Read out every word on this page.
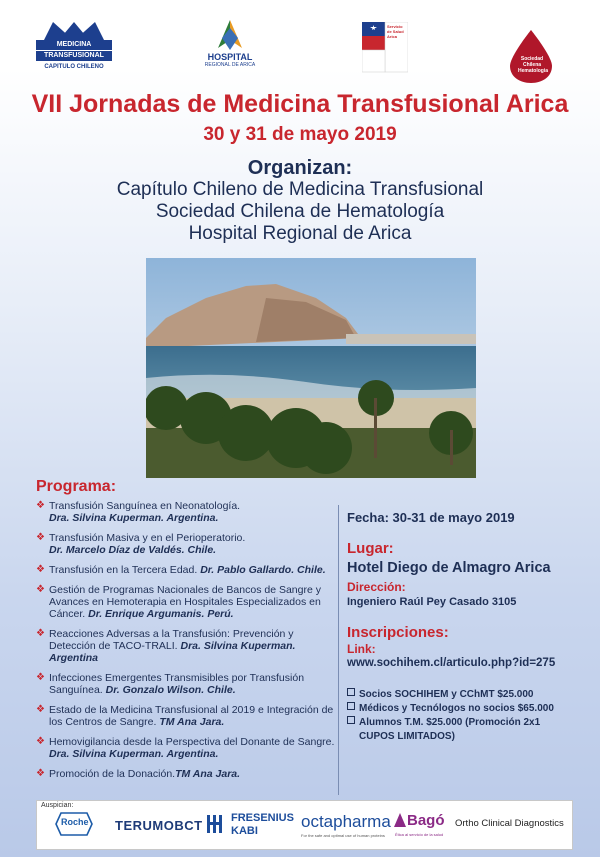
MEDICINA
TRANSFUSIONAL
CAPITULO CHILENO
HOSPITAL
REGIONAL DE ARICA
Servicio de Salud Arica
Sociedad Chilena Hematologia
VII Jornadas de Medicina Transfusional Arica
30 y 31 de mayo 2019
Organizan:
Capítulo Chileno de Medicina Transfusional
Sociedad Chilena de Hematología
Hospital Regional de Arica
Programa:
❖ Transfusión Sanguínea en Neonatología.
Dra. Silvina Kuperman. Argentina.
❖ Transfusión Masiva y en el Perioperatorio.
Dr. Marcelo Díaz de Valdés. Chile.
❖ Transfusión en la Tercera Edad. Dr. Pablo Gallardo. Chile.
❖ Gestión de Programas Nacionales de Bancos de Sangre y Avances en Hemoterapia en Hospitales Especializados en Cáncer. Dr. Enrique Argumanis. Perú.
❖ Reacciones Adversas a la Transfusión: Prevención y Detección de TACO-TRALI. Dra. Silvina Kuperman. Argentina
❖ Infecciones Emergentes Transmisibles por Transfusión Sanguínea. Dr. Gonzalo Wilson. Chile.
❖ Estado de la Medicina Transfusional al 2019 e Integración de los Centros de Sangre. TM Ana Jara.
❖ Hemovigilancia desde la Perspectiva del Donante de Sangre. Dra. Silvina Kuperman. Argentina.
❖ Promoción de la Donación.TM Ana Jara.
Fecha: 30-31 de mayo 2019
Lugar:
Hotel Diego de Almagro Arica
Dirección:
Ingeniero Raúl Pey Casado 3105
Inscripciones:
Link:
www.sochihem.cl/articulo.php?id=275
Socios SOCHIHEM y CChMT $25.000
Médicos y Tecnólogos no socios $65.000
Alumnos T.M. $25.000 (Promoción 2x1
CUPOS LIMITADOS)
Auspician:
Roche TERUMOBCT	FRESENIUS
KABI	octapharma
For the safe and optimal use of human proteins
Bagó
Ética al servicio de la salud
Ortho Clinical Diagnostics
